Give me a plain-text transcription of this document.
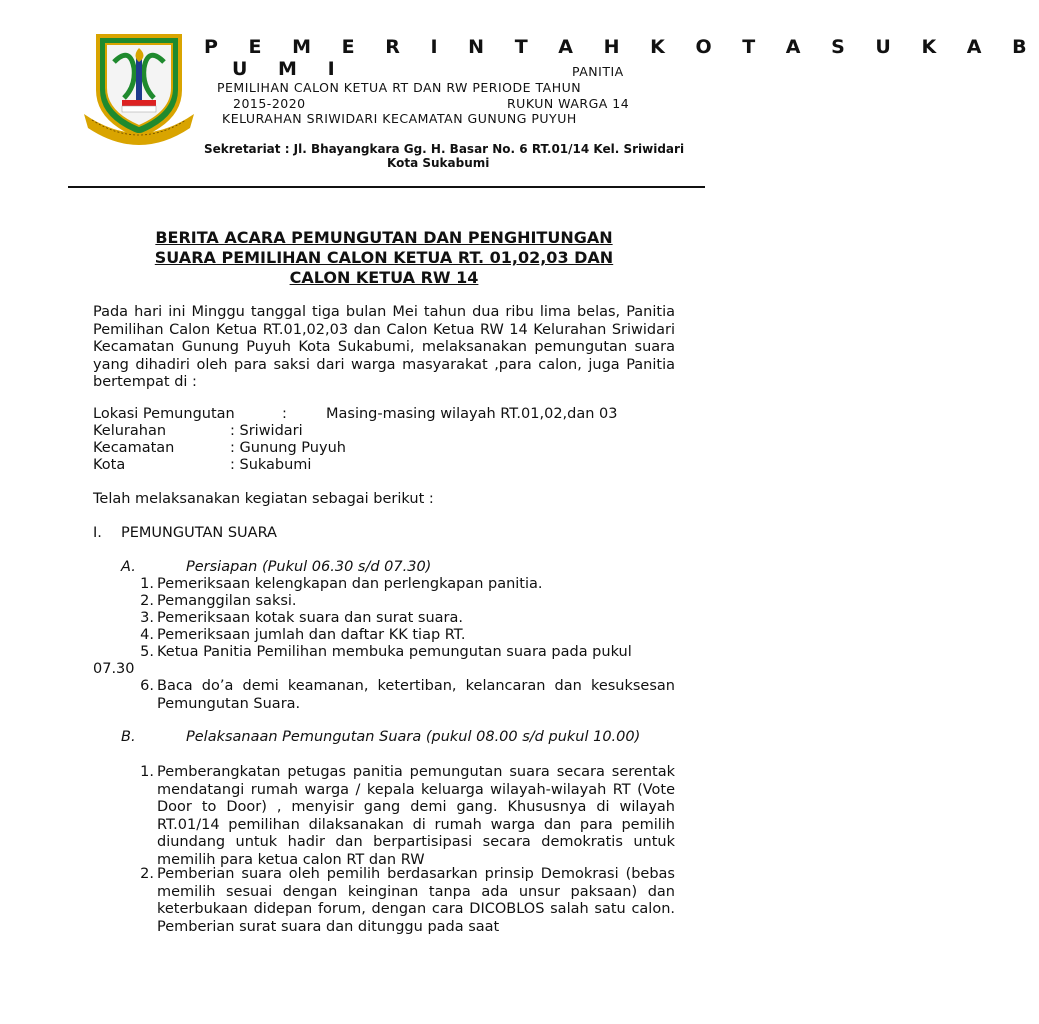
P E M E R I N T A H K O T A S U K A B
U M I	PANITIA
PEMILIHAN CALON KETUA RT DAN RW PERIODE TAHUN
2015-2020	RUKUN WARGA 14
KELURAHAN SRIWIDARI KECAMATAN GUNUNG PUYUH
Sekretariat : Jl. Bhayangkara Gg. H. Basar No. 6 RT.01/14 Kel. Sriwidari
Kota Sukabumi
BERITA ACARA PEMUNGUTAN DAN PENGHITUNGAN
SUARA PEMILIHAN CALON KETUA RT. 01,02,03 DAN
CALON KETUA RW 14
Pada hari ini Minggu tanggal tiga bulan Mei tahun dua ribu lima belas, Panitia Pemilihan Calon Ketua RT.01,02,03 dan Calon Ketua RW 14 Kelurahan Sriwidari Kecamatan Gunung Puyuh Kota Sukabumi, melaksanakan pemungutan suara yang dihadiri oleh para saksi dari warga masyarakat ,para calon, juga Panitia bertempat di :
Lokasi Pemungutan	:	Masing-masing wilayah RT.01,02,dan 03
Kelurahan	: Sriwidari
Kecamatan	: Gunung Puyuh
Kota	: Sukabumi
Telah melaksanakan kegiatan sebagai berikut :
I. PEMUNGUTAN SUARA
A.	Persiapan (Pukul 06.30 s/d 07.30)
1. Pemeriksaan kelengkapan dan perlengkapan panitia.
2. Pemanggilan saksi.
3. Pemeriksaan kotak suara dan surat suara.
4. Pemeriksaan jumlah dan daftar KK tiap RT.
5. Ketua Panitia Pemilihan membuka pemungutan suara pada pukul
07.30
6. Baca do’a demi keamanan, ketertiban, kelancaran dan kesuksesan Pemungutan Suara.
B.	Pelaksanaan Pemungutan Suara (pukul 08.00 s/d pukul 10.00)
1. Pemberangkatan petugas panitia pemungutan suara secara serentak mendatangi rumah warga / kepala keluarga wilayah-wilayah RT (Vote Door to Door) , menyisir gang demi gang. Khususnya di wilayah RT.01/14 pemilihan dilaksanakan di rumah warga dan para pemilih diundang untuk hadir dan berpartisipasi secara demokratis untuk memilih para ketua calon RT dan RW
2. Pemberian suara oleh pemilih berdasarkan prinsip Demokrasi (bebas memilih sesuai dengan keinginan tanpa ada unsur paksaan) dan keterbukaan didepan forum, dengan cara DICOBLOS salah satu calon. Pemberian surat suara dan ditunggu pada saat
